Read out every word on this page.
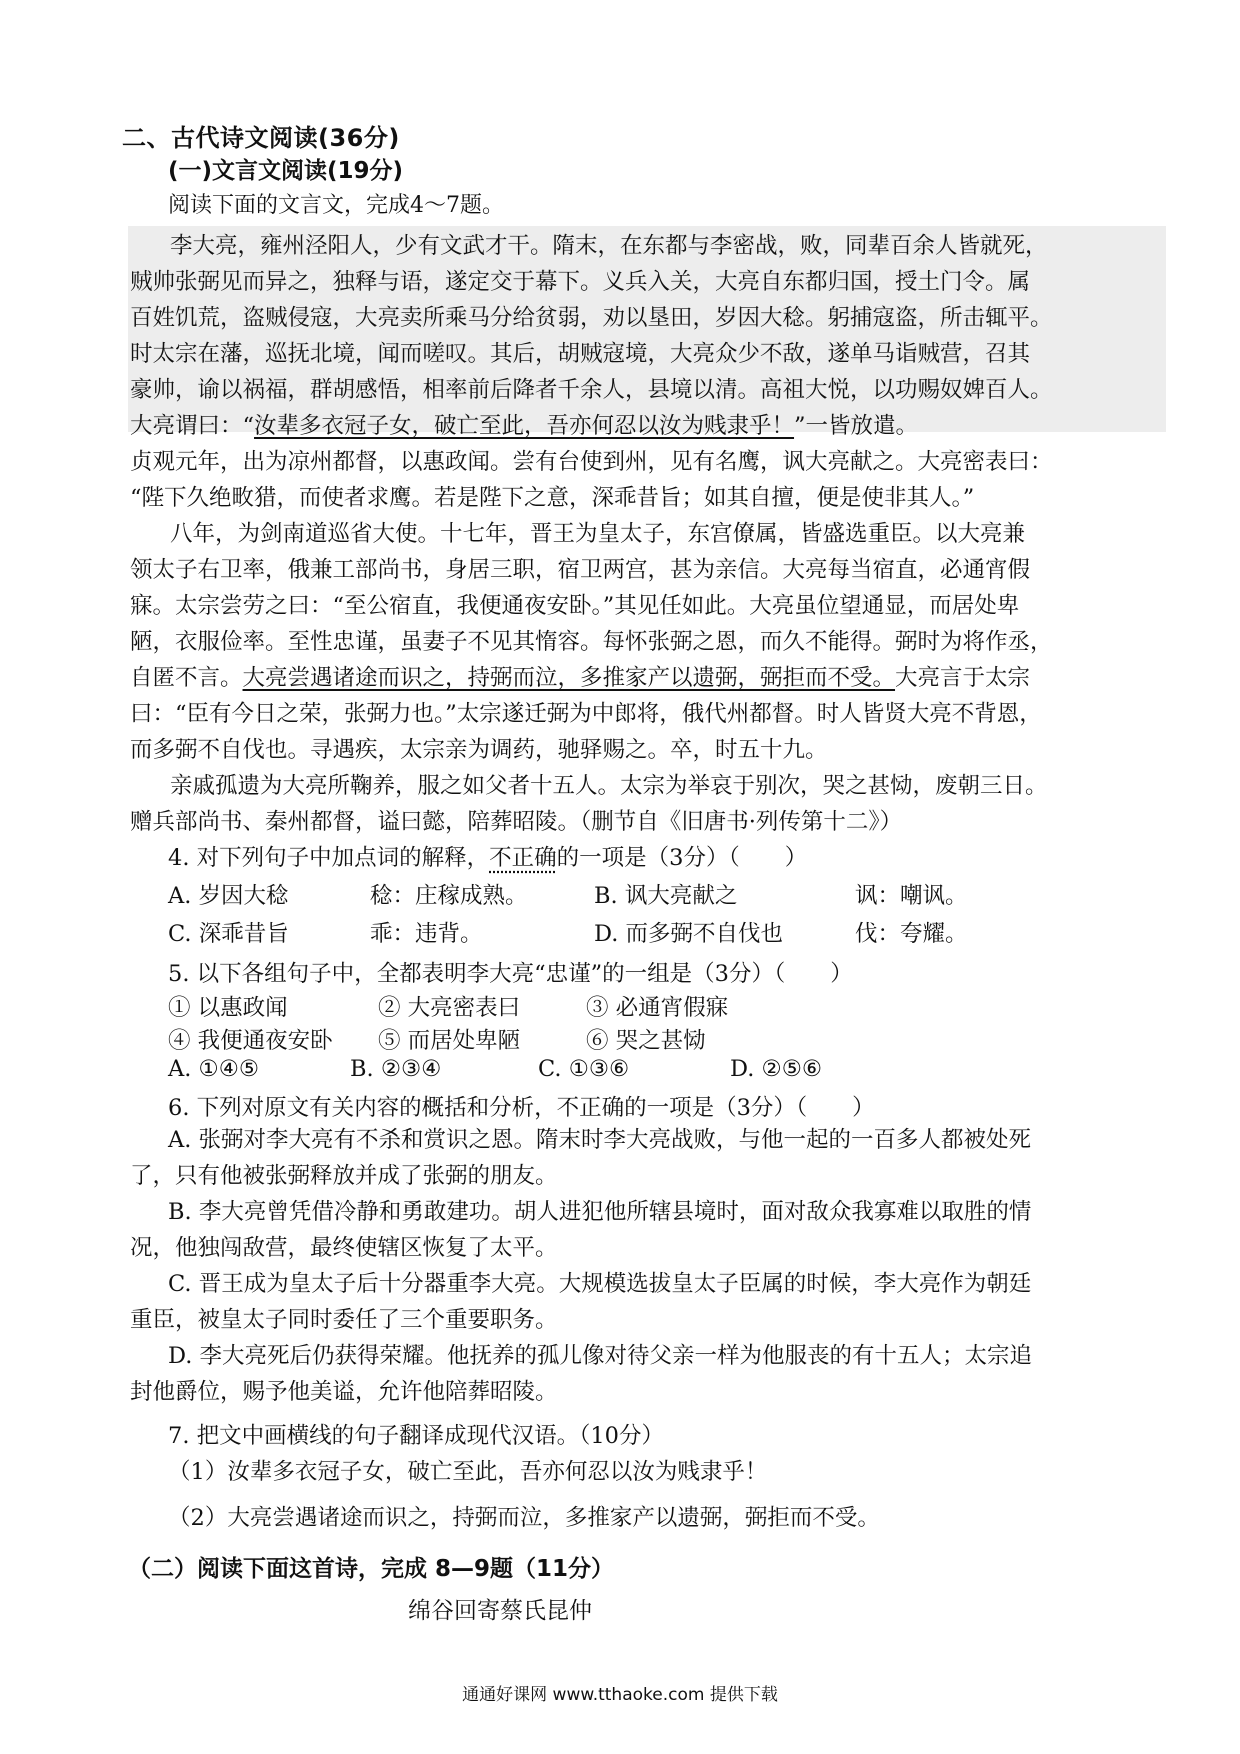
二、古代诗文阅读(36分)
(一)文言文阅读(19分)
阅读下面的文言文，完成4～7题。
李大亮，雍州泾阳人，少有文武才干。隋末，在东都与李密战，败，同辈百余人皆就死，
贼帅张弼见而异之，独释与语，遂定交于幕下。义兵入关，大亮自东都归国，授土门令。属
百姓饥荒，盗贼侵寇，大亮卖所乘马分给贫弱，劝以垦田，岁因大稔。躬捕寇盗，所击辄平。
时太宗在藩，巡抚北境，闻而嗟叹。其后，胡贼寇境，大亮众少不敌，遂单马诣贼营，召其
豪帅，谕以祸福，群胡感悟，相率前后降者千余人，县境以清。高祖大悦，以功赐奴婢百人。
大亮谓曰：“汝辈多衣冠子女，破亡至此，吾亦何忍以汝为贱隶乎！”一皆放遣。
贞观元年，出为凉州都督，以惠政闻。尝有台使到州，见有名鹰，讽大亮献之。大亮密表曰：
“陛下久绝畋猎，而使者求鹰。若是陛下之意，深乖昔旨；如其自擅，便是使非其人。”
八年，为剑南道巡省大使。十七年，晋王为皇太子，东宫僚属，皆盛选重臣。以大亮兼
领太子右卫率，俄兼工部尚书，身居三职，宿卫两宫，甚为亲信。大亮每当宿直，必通宵假
寐。太宗尝劳之曰：“至公宿直，我便通夜安卧。”其见任如此。大亮虽位望通显，而居处卑
陋，衣服俭率。至性忠谨，虽妻子不见其惰容。每怀张弼之恩，而久不能得。弼时为将作丞，
自匿不言。大亮尝遇诸途而识之，持弼而泣，多推家产以遗弼，弼拒而不受。大亮言于太宗
曰：“臣有今日之荣，张弼力也。”太宗遂迁弼为中郎将，俄代州都督。时人皆贤大亮不背恩，
而多弼不自伐也。寻遇疾，太宗亲为调药，驰驿赐之。卒，时五十九。
亲戚孤遗为大亮所鞠养，服之如父者十五人。太宗为举哀于别次，哭之甚恸，废朝三日。
赠兵部尚书、秦州都督，谥曰懿，陪葬昭陵。（删节自《旧唐书·列传第十二》）
4. 对下列句子中加点词的解释，不正确的一项是（3分）（　　）
A. 岁因大稔	稔：庄稼成熟。	B. 讽大亮献之	讽：嘲讽。
C. 深乖昔旨	乖：违背。	D. 而多弼不自伐也	伐：夸耀。
5. 以下各组句子中，全都表明李大亮“忠谨”的一组是（3分）（　　）
① 以惠政闻	② 大亮密表曰	③ 必通宵假寐
④ 我便通夜安卧 ⑤ 而居处卑陋	⑥ 哭之甚恸
A. ①④⑤	B. ②③④	C. ①③⑥	D. ②⑤⑥
6. 下列对原文有关内容的概括和分析，不正确的一项是（3分）（　　）
A. 张弼对李大亮有不杀和赏识之恩。隋末时李大亮战败，与他一起的一百多人都被处死
了，只有他被张弼释放并成了张弼的朋友。
B. 李大亮曾凭借冷静和勇敢建功。胡人进犯他所辖县境时，面对敌众我寡难以取胜的情
况，他独闯敌营，最终使辖区恢复了太平。
C. 晋王成为皇太子后十分器重李大亮。大规模选拔皇太子臣属的时候，李大亮作为朝廷
重臣，被皇太子同时委任了三个重要职务。
D. 李大亮死后仍获得荣耀。他抚养的孤儿像对待父亲一样为他服丧的有十五人；太宗追
封他爵位，赐予他美谥，允许他陪葬昭陵。
7. 把文中画横线的句子翻译成现代汉语。（10分）
（1）汝辈多衣冠子女，破亡至此，吾亦何忍以汝为贱隶乎！
（2）大亮尝遇诸途而识之，持弼而泣，多推家产以遗弼，弼拒而不受。
（二）阅读下面这首诗，完成 8—9题（11分）
绵谷回寄蔡氏昆仲
通通好课网 www.tthaoke.com 提供下载
